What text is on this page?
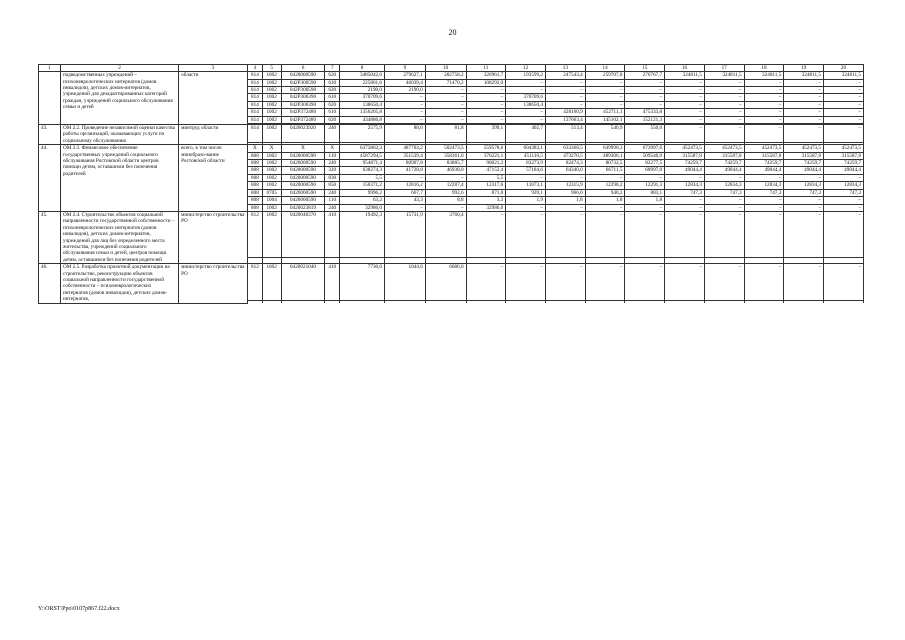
20
1	2	3	4	5	6	7	8	9	10	11	12	13	14	15	16	17	18	19	20
	подведомственных учреждений – психоневрологических интернатов (домов инвалидов), детских домов-интернатов, учреждений для дезадаптированных категорий граждан, учреждений социального обслуживания семьи и детей	области	814	1002	0420000590	620	3485042,6	279627,1	282758,2	326961,7	193599,2	247543,4	259707,8	270767,7	324811,5	324811,5	324811,5	324811,5	324811,5
			814	1002	042P300590	610	225801,6	46039,4	71470,2	108292,0	–	–	–	–	–	–	–	–	–
			814	1002	042P300590	620	2190,0	2190,0	–	–	–	–	–	–	–	–	–	–	–
			814	1002	042P300390	610	370709,6	–	–	–	370709,6	–	–	–	–	–	–	–	–
			814	1002	042P300390	620	138650,4	–	–	–	138650,4	–	–	–	–	–	–	–	–
			814	1002	042P372480	610	1356205,8	–	–	–	–	428160,9	452711,1	475333,8	–	–	–	–	–
			814	1002	042P372480	620	434886,8	–	–	–	–	137663,4	145102,1	152121,3	–	–	–	–	–

43.	ОМ 2.2. Проведение независимой оценки качества работы организаций, оказывающих услуги по социальному обслуживанию	минтруд области	814	1002	0420023920	240	2575,9	88,0	81,8	399,1	402,7	513,4	540,9	550,0	–	–	–	–	–

44.	ОМ 2.3. Финансовое обеспечение государственных учреждений социального обслуживания Ростовской области центров помощи детям, оставшимся без попечения родителей	всего, в том числе: минобразо-вание Ростовской области	X	X	X	X	6373862,3	487703,2	502473,5	559578,6	604383,1	633368,5	649990,3	673997,6	452473,5	452473,5	452473,5	452473,5	452473,5
			808	1002	0420000590	110	4587294,5	351539,4	358361,0	376221,1	451110,5	473270,5	489306,1	509546,9	315587,8	315587,8	315587,8	315587,8	315587,8
			808	1002	0420000590	240	954871,4	80907,8	83885,7	90021,2	83273,9	82474,3	80732,5	82277,5	74259,7	74259,7	74259,7	74259,7	74259,7
			808	1002	0420000590	320	638274,3	41728,8	46938,0	47152,4	57184,6	64340,0	66711,5	68997,0	49044,4	49044,4	49044,4	49044,4	49044,4
			808	1002	0420000590	830	5,5	–	–	5,5	–	–	–	–	–	–	–	–	–
			808	1002	0420000590	850	150371,2	12816,2	12287,4	12317,6	11873,1	12315,9	12298,2	12291,3	12834,3	12834,3	12834,3	12834,3	12834,3
			808	0705	0420000590	240	9996,2	667,7	992,6	871,0	939,1	966,0	940,2	883,1	747,3	747,3	747,3	747,3	747,3
			808	1004	0420000590	110	63,2	43,3	8,8	3,3	1,9	1,8	1,8	1,8	–	–	–	–	–
			808	1002	0420023819	240	32986,0	–	–	32986,0	–	–	–	–	–	–	–	–	–
45.	ОМ 2.4. Строительство объектов социальной направленности государственной собственности – психоневрологических интернатов (домов инвалидов), детских домов-интернатов, учреждений для лиц без определенного места жительства, учреждений социального обслуживания семьи и детей, центров помощи детям, оставшимся без попечения родителей	министерство строительства РО	812	1002	0420040370	410	19492,3	15731,9	3760,4	–	–	–	–	–	–	–	–	–	–

46.	ОМ 2.5. Разработка проектной документации на строительство, реконструкцию объектов социальной направленности государственной собственности – психоневрологических интернатов (домов инвалидов), детских домов-интернатов,	министерство строительства РО	812	1002	0420021040	410	7730,6	1044,6	6686,0	–	–	–	–	–	–	–	–	–	–

Y:\ORST\Ppo\0107p867.f22.docx
